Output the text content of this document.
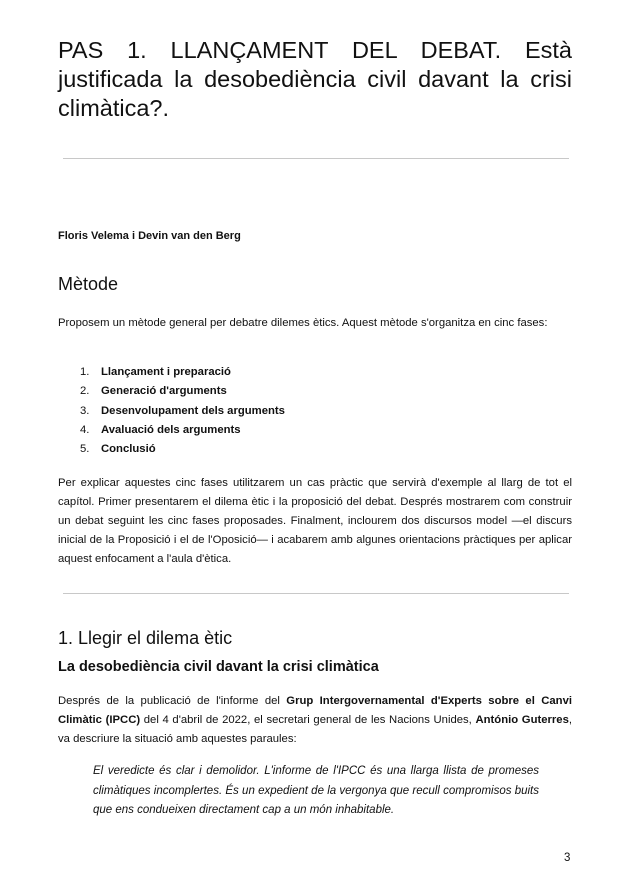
PAS 1. LLANÇAMENT DEL DEBAT. Està justificada la desobediència civil davant la crisi climàtica?.

Floris Velema i Devin van den Berg

Mètode

Proposem un mètode general per debatre dilemes ètics. Aquest mètode s'organitza en cinc fases:

1.	Llançament i preparació
2.	Generació d'arguments
3.	Desenvolupament dels arguments
4.	Avaluació dels arguments
5.	Conclusió

Per explicar aquestes cinc fases utilitzarem un cas pràctic que servirà d'exemple al llarg de tot el capítol. Primer presentarem el dilema ètic i la proposició del debat. Després mostrarem com construir un debat seguint les cinc fases proposades. Finalment, inclourem dos discursos model —el discurs inicial de la Proposició i el de l'Oposició— i acabarem amb algunes orientacions pràctiques per aplicar aquest enfocament a l'aula d'ètica.

1. Llegir el dilema ètic
La desobediència civil davant la crisi climàtica

Després de la publicació de l'informe del Grup Intergovernamental d'Experts sobre el Canvi Climàtic (IPCC) del 4 d'abril de 2022, el secretari general de les Nacions Unides, António Guterres, va descriure la situació amb aquestes paraules:

El veredicte és clar i demolidor. L'informe de l'IPCC és una llarga llista de promeses climàtiques incomplertes. És un expedient de la vergonya que recull compromisos buits que ens condueixen directament cap a un món inhabitable.

3
